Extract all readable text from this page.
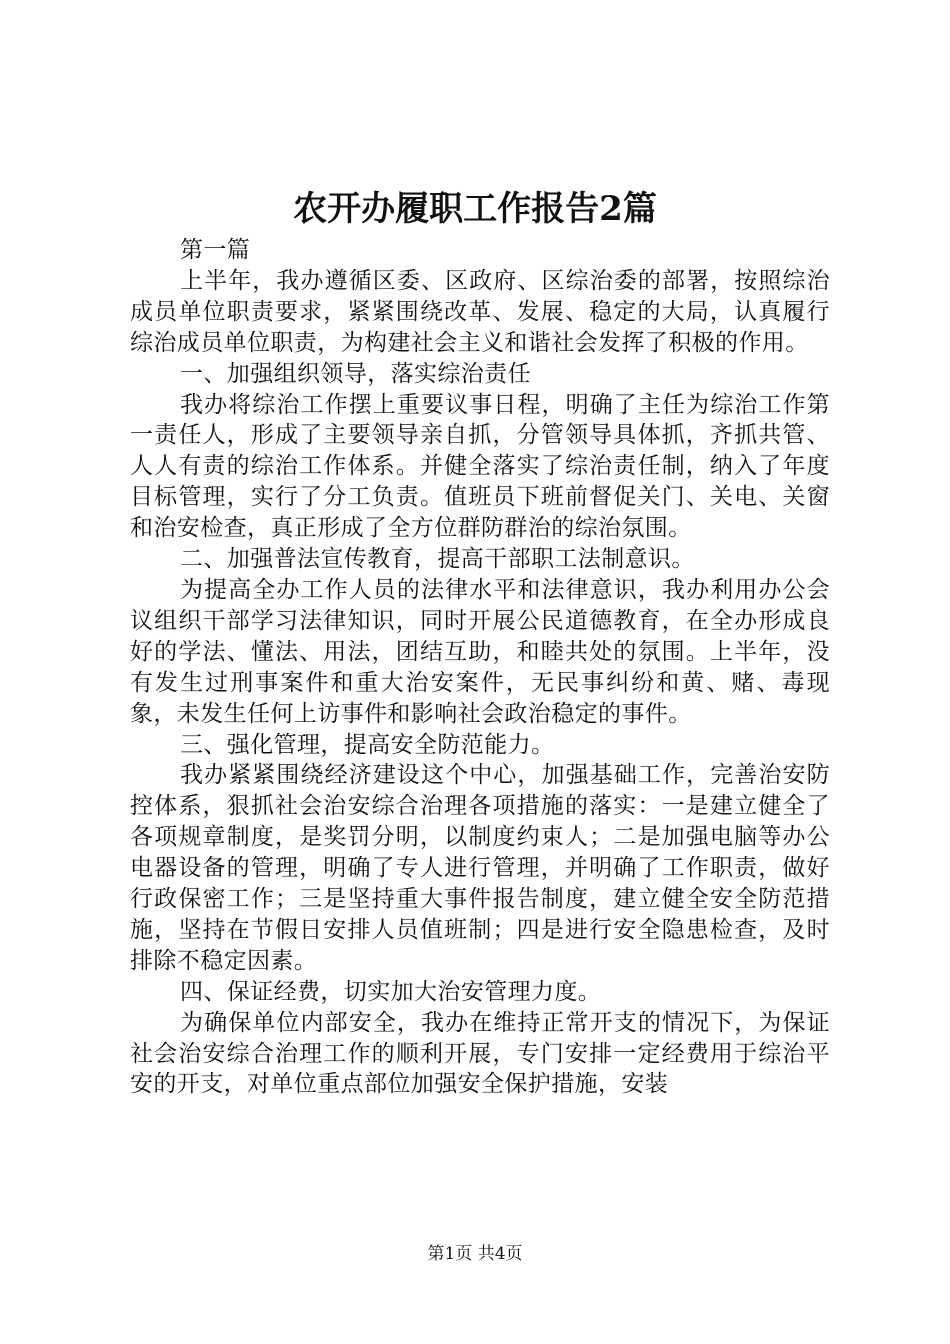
农开办履职工作报告2篇

第一篇

上半年，我办遵循区委、区政府、区综治委的部署，按照综治成员单位职责要求，紧紧围绕改革、发展、稳定的大局，认真履行综治成员单位职责，为构建社会主义和谐社会发挥了积极的作用。

一、加强组织领导，落实综治责任

我办将综治工作摆上重要议事日程，明确了主任为综治工作第一责任人，形成了主要领导亲自抓，分管领导具体抓，齐抓共管、人人有责的综治工作体系。并健全落实了综治责任制，纳入了年度目标管理，实行了分工负责。值班员下班前督促关门、关电、关窗和治安检查，真正形成了全方位群防群治的综治氛围。

二、加强普法宣传教育，提高干部职工法制意识。

为提高全办工作人员的法律水平和法律意识，我办利用办公会议组织干部学习法律知识，同时开展公民道德教育，在全办形成良好的学法、懂法、用法，团结互助，和睦共处的氛围。上半年，没有发生过刑事案件和重大治安案件，无民事纠纷和黄、赌、毒现象，未发生任何上访事件和影响社会政治稳定的事件。

三、强化管理，提高安全防范能力。

我办紧紧围绕经济建设这个中心，加强基础工作，完善治安防控体系，狠抓社会治安综合治理各项措施的落实：一是建立健全了各项规章制度，是奖罚分明，以制度约束人；二是加强电脑等办公电器设备的管理，明确了专人进行管理，并明确了工作职责，做好行政保密工作；三是坚持重大事件报告制度，建立健全安全防范措施，坚持在节假日安排人员值班制；四是进行安全隐患检查，及时排除不稳定因素。

四、保证经费，切实加大治安管理力度。

为确保单位内部安全，我办在维持正常开支的情况下，为保证社会治安综合治理工作的顺利开展，专门安排一定经费用于综治平安的开支，对单位重点部位加强安全保护措施，安装

第1页 共4页
